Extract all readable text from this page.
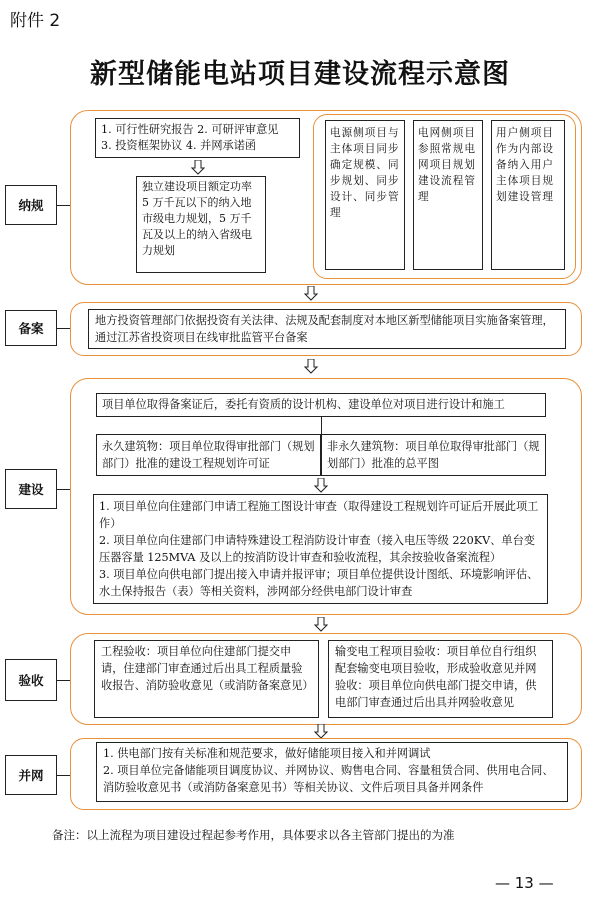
附件 2
新型储能电站项目建设流程示意图
纳规
备案
建设
验收
并网
1. 可行性研究报告 2. 可研评审意见
3. 投资框架协议 4. 并网承诺函
独立建设项目额定功率 5 万千瓦以下的纳入地市级电力规划，5 万千瓦及以上的纳入省级电力规划
电源侧项目与主体项目同步确定规模、同步规划、同步设计、同步管理
电网侧项目参照常规电网项目规划建设流程管理
用户侧项目作为内部设备纳入用户主体项目规划建设管理
地方投资管理部门依据投资有关法律、法规及配套制度对本地区新型储能项目实施备案管理，通过江苏省投资项目在线审批监管平台备案
项目单位取得备案证后，委托有资质的设计机构、建设单位对项目进行设计和施工
永久建筑物：项目单位取得审批部门（规划部门）批准的建设工程规划许可证
非永久建筑物：项目单位取得审批部门（规划部门）批准的总平图
1. 项目单位向住建部门申请工程施工图设计审查（取得建设工程规划许可证后开展此项工作）
2. 项目单位向住建部门申请特殊建设工程消防设计审查（接入电压等级 220KV、单台变压器容量 125MVA 及以上的按消防设计审查和验收流程，其余按验收备案流程）
3. 项目单位向供电部门提出接入申请并报评审；项目单位提供设计图纸、环境影响评估、水土保持报告（表）等相关资料，涉网部分经供电部门设计审查
工程验收：项目单位向住建部门提交申请，住建部门审查通过后出具工程质量验收报告、消防验收意见（或消防备案意见）
输变电工程项目验收：项目单位自行组织配套输变电项目验收，形成验收意见并网验收：项目单位向供电部门提交申请，供电部门审查通过后出具并网验收意见
1. 供电部门按有关标准和规范要求，做好储能项目接入和并网调试
2. 项目单位完备储能项目调度协议、并网协议、购售电合同、容量租赁合同、供用电合同、消防验收意见书（或消防备案意见书）等相关协议、文件后项目具备并网条件
备注：以上流程为项目建设过程起参考作用，具体要求以各主管部门提出的为准
— 13 —
